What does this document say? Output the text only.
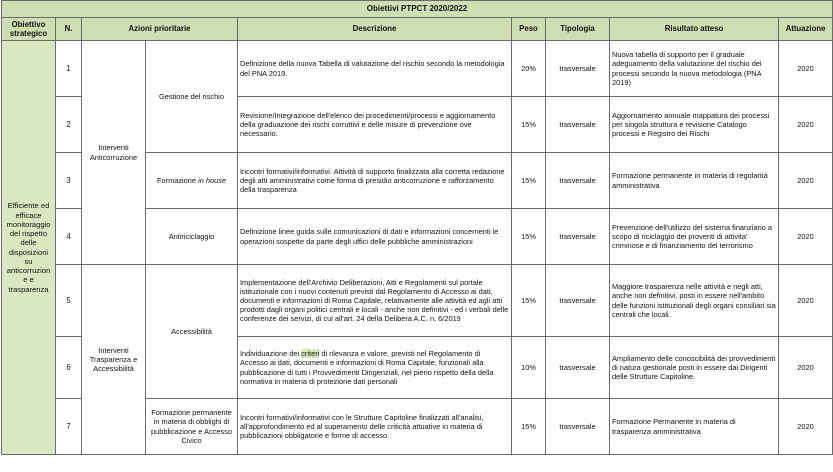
Obiettivi PTPCT 2020/2022								
Obiettivo strategico	N.	Azioni prioritarie		Descrizione	Peso	Tipologia	Risultato atteso	Attuazione
Efficiente ed efficace monitoraggio del rispetto delle disposizioni su anticorruzion e e trasparenza	1	Interventi Anticorruzione	Gestione del rischio	Definizione della nuova Tabella di valutazione del rischio secondo la metodologia del PNA 2019.	20%	trasversale	Nuova tabella di supporto per il graduale adeguamento della valutazione del rischio dei processi secondo la nuova metodologia (PNA 2019)	2020
	2			Revisione/Integrazione dell'elenco dei procedimenti/processi e aggiornamento della graduazione dei rischi corruttivi e delle misure di prevenzione ove necessario.	15%	trasversale	Aggiornamento annuale mappatura dei processi per singola struttura e revisione Catalogo processi e Registro dei Rischi	2020
	3		Formazione in house	Incontri formativi/informativi. Attività di supporto finalizzata alla corretta redazione degli atti amministrativi come forma di presidio anticorruzione e rafforzamento della trasparenza	15%	trasversale	Formazione permanente in materia di regolarità amministrativa	2020
	4		Antiriciclaggio	Definizione linee guida sulle comunicazioni di dati e informazioni concernenti le operazioni sospette da parte degli uffici delle pubbliche amministrazioni	15%	trasversale	Prevenzione dell'utilizzo del sistema finanziario a scopo di riciclaggio dei proventi di attivita' criminose e di finanziamento del terrorismo	2020
	5	Interventi Trasparenza e Accessibilità	Accessibilità	Implementazione dell'Archivio Deliberazioni, Atti e Regolamenti sul portale istituzionale con i nuovi contenuti previsti dal Regolamento di Accesso ai dati, documenti e informazioni di Roma Capitale, relativamente alle attività ed agli atti prodotti dagli organi politici centrali e locali - anche non definitivi - ed i verbali delle conferenze dei servizi, di cui all'art. 24 della Delibera A.C. n. 6/2019	15%	trasversale	Maggiore trasparenza nelle attività e negli atti, anche non definitivi, posti in essere nell'ambito delle funzioni istituzionali degli organi consiliari sia centrali che locali.	2020
	6			Individuazione dei criteri di rilevanza e valore, previsti nel Regolamento di Accesso ai dati, documenti e informazioni di Roma Capitale, funzionali alla pubblicazione di tutti i Provvedimenti Dirigenziali, nel pieno rispetto della della normativa in materia di protezione dati personali	10%	trasversale	Ampliamento delle conoscibilità dei provvedimenti di natura gestionale posti in essere dai Dirigenti delle Strutture Capitoline.	2020
	7		Formazione permanente in materia di obblighi di pubblicazione e Accesso Civico	Incontri formativi/informativi con le Strutture Capitoline finalizzati all'analisi, all'approfondimento ed al superamento delle criticità attuative in materia di pubblicazioni obbligatorie e forme di accesso.	15%	trasversale	Formazione Permanente in materia di trasparenza amministrativa	2020
